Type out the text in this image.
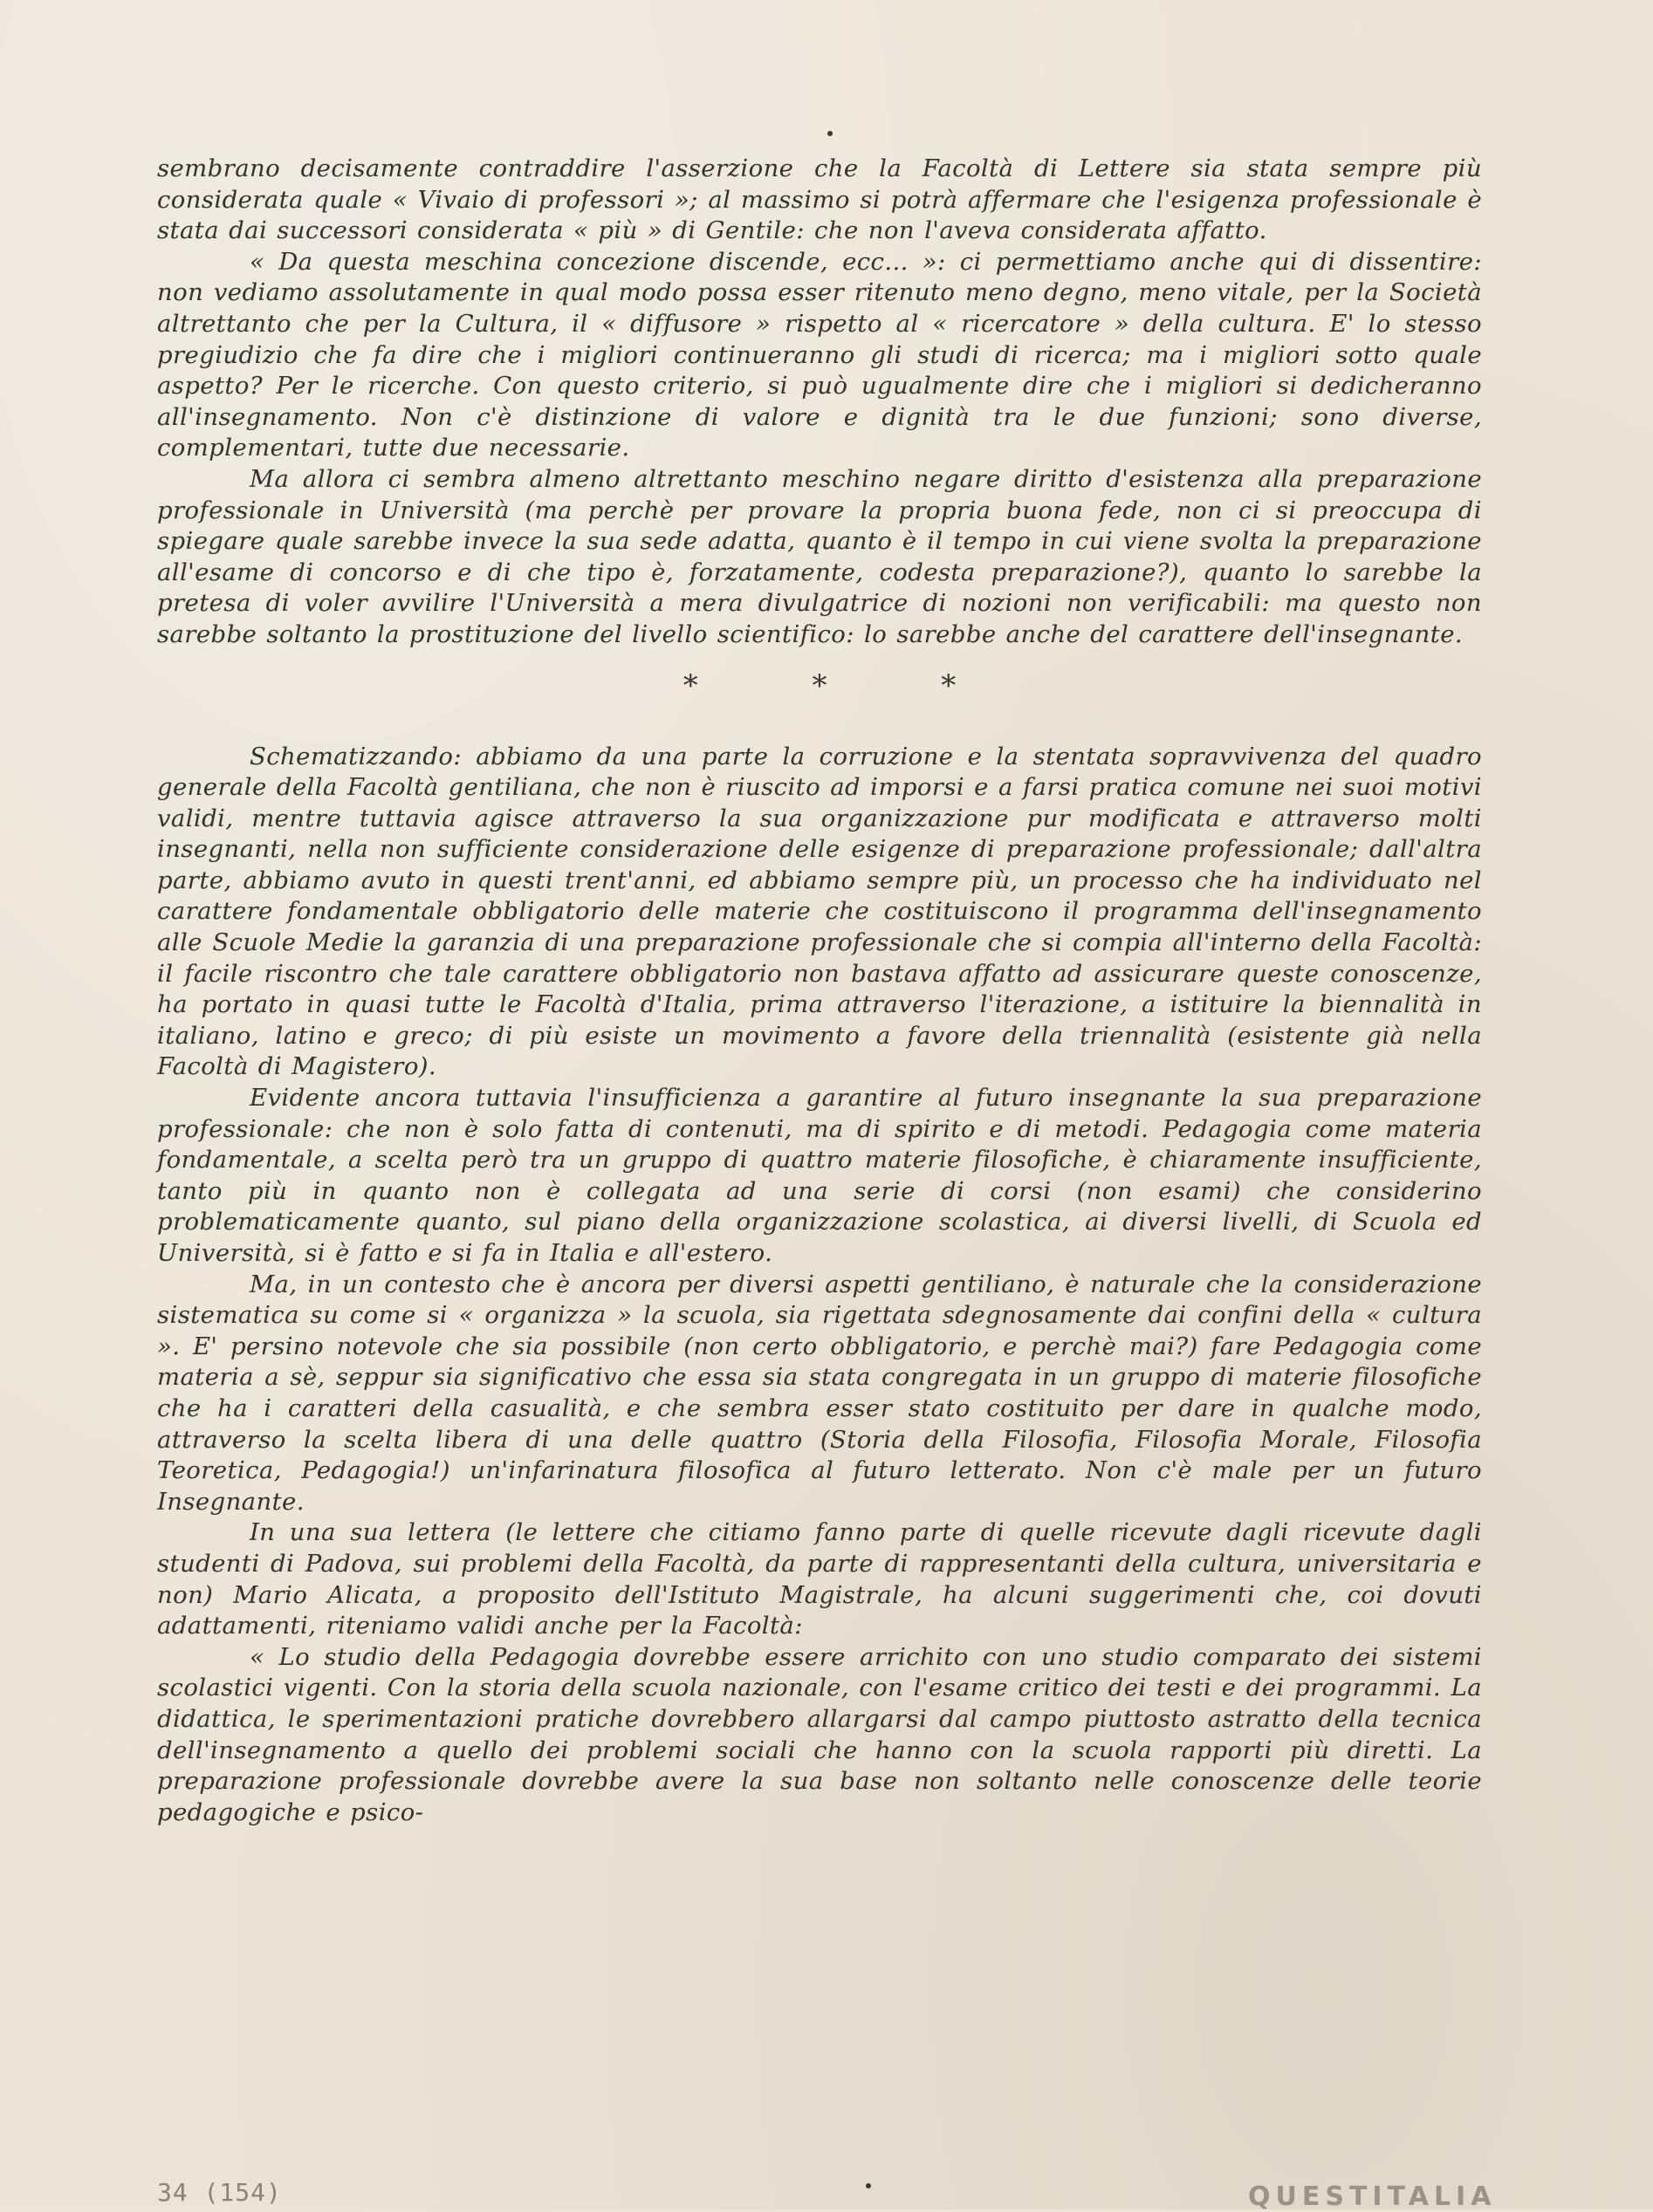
sembrano decisamente contraddire l'asserzione che la Facoltà di Lettere sia stata sempre più considerata quale « Vivaio di professori »; al massimo si potrà affermare che l'esigenza professionale è stata dai successori considerata « più » di Gentile: che non l'aveva considerata affatto.

« Da questa meschina concezione discende, ecc... »: ci permettiamo anche qui di dissentire: non vediamo assolutamente in qual modo possa esser ritenuto meno degno, meno vitale, per la Società altrettanto che per la Cultura, il « diffusore » rispetto al « ricercatore » della cultura. E' lo stesso pregiudizio che fa dire che i migliori continueranno gli studi di ricerca; ma i migliori sotto quale aspetto? Per le ricerche. Con questo criterio, si può ugualmente dire che i migliori si dedicheranno all'insegnamento. Non c'è distinzione di valore e dignità tra le due funzioni; sono diverse, complementari, tutte due necessarie.

Ma allora ci sembra almeno altrettanto meschino negare diritto d'esistenza alla preparazione professionale in Università (ma perchè per provare la propria buona fede, non ci si preoccupa di spiegare quale sarebbe invece la sua sede adatta, quanto è il tempo in cui viene svolta la preparazione all'esame di concorso e di che tipo è, forzatamente, codesta preparazione?), quanto lo sarebbe la pretesa di voler avvilire l'Università a mera divulgatrice di nozioni non verificabili: ma questo non sarebbe soltanto la prostituzione del livello scientifico: lo sarebbe anche del carattere dell'insegnante.

* * *

Schematizzando: abbiamo da una parte la corruzione e la stentata sopravvivenza del quadro generale della Facoltà gentiliana, che non è riuscito ad imporsi e a farsi pratica comune nei suoi motivi validi, mentre tuttavia agisce attraverso la sua organizzazione pur modificata e attraverso molti insegnanti, nella non sufficiente considerazione delle esigenze di preparazione professionale; dall'altra parte, abbiamo avuto in questi trent'anni, ed abbiamo sempre più, un processo che ha individuato nel carattere fondamentale obbligatorio delle materie che costituiscono il programma dell'insegnamento alle Scuole Medie la garanzia di una preparazione professionale che si compia all'interno della Facoltà: il facile riscontro che tale carattere obbligatorio non bastava affatto ad assicurare queste conoscenze, ha portato in quasi tutte le Facoltà d'Italia, prima attraverso l'iterazione, a istituire la biennalità in italiano, latino e greco; di più esiste un movimento a favore della triennalità (esistente già nella Facoltà di Magistero).

Evidente ancora tuttavia l'insufficienza a garantire al futuro insegnante la sua preparazione professionale: che non è solo fatta di contenuti, ma di spirito e di metodi. Pedagogia come materia fondamentale, a scelta però tra un gruppo di quattro materie filosofiche, è chiaramente insufficiente, tanto più in quanto non è collegata ad una serie di corsi (non esami) che considerino problematicamente quanto, sul piano della organizzazione scolastica, ai diversi livelli, di Scuola ed Università, si è fatto e si fa in Italia e all'estero.

Ma, in un contesto che è ancora per diversi aspetti gentiliano, è naturale che la considerazione sistematica su come si « organizza » la scuola, sia rigettata sdegnosamente dai confini della « cultura ». E' persino notevole che sia possibile (non certo obbligatorio, e perchè mai?) fare Pedagogia come materia a sè, seppur sia significativo che essa sia stata congregata in un gruppo di materie filosofiche che ha i caratteri della casualità, e che sembra esser stato costituito per dare in qualche modo, attraverso la scelta libera di una delle quattro (Storia della Filosofia, Filosofia Morale, Filosofia Teoretica, Pedagogia!) un'infarinatura filosofica al futuro letterato. Non c'è male per un futuro Insegnante.

In una sua lettera (le lettere che citiamo fanno parte di quelle ricevute dagli ricevute dagli studenti di Padova, sui problemi della Facoltà, da parte di rappresentanti della cultura, universitaria e non) Mario Alicata, a proposito dell'Istituto Magistrale, ha alcuni suggerimenti che, coi dovuti adattamenti, riteniamo validi anche per la Facoltà:

« Lo studio della Pedagogia dovrebbe essere arrichito con uno studio comparato dei sistemi scolastici vigenti. Con la storia della scuola nazionale, con l'esame critico dei testi e dei programmi. La didattica, le sperimentazioni pratiche dovrebbero allargarsi dal campo piuttosto astratto della tecnica dell'insegnamento a quello dei problemi sociali che hanno con la scuola rapporti più diretti. La preparazione professionale dovrebbe avere la sua base non soltanto nelle conoscenze delle teorie pedagogiche e psico-

34 (154)	QUESTITALIA
